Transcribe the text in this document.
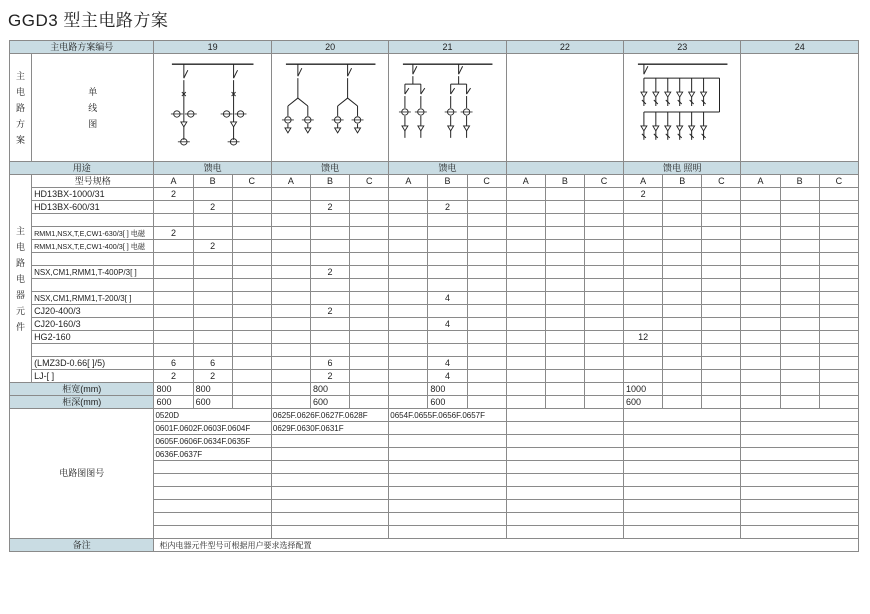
GGD3 型主电路方案
主电路方案编号		19			20			21			22			23			24		
主电路方案	单线图	

用途		馈电			馈电			馈电						馈电 照明					
主电路电器元件	型号规格	A	B	C	A	B	C	A	B	C	A	B	C	A	B	C	A	B	C
	HD13BX-1000/31	2												2					
	HD13BX-600/31		2			2			2										

	RMM1,NSX,T,E,CW1-630/3[ ] 电磁	2																	
	RMM1,NSX,T,E,CW1-400/3[ ] 电磁		2																

	NSX,CM1,RMM1,T-400P/3[ ]					2													

	NSX,CM1,RMM1,T-200/3[ ]								4										
	CJ20-400/3					2													
	CJ20-160/3								4										
	HG2-160													12					

	(LMZ3D-0.66[ ]/5)	6	6			6			4										
	LJ-[ ]	2	2			2			4										
柜宽(mm)		800	800			800			800					1000					
柜深(mm)		600	600			600			600					600					
电路图图号		0520D			0625F.0626F.0627F.0628F			0654F.0655F.0656F.0657F											
		0601F.0602F.0603F.0604F			0629F.0630F.0631F														
		0605F.0606F.0634F.0635F																	
		0636F.0637F																	

备注		柜内电器元件型号可根据用户要求选择配置																	
